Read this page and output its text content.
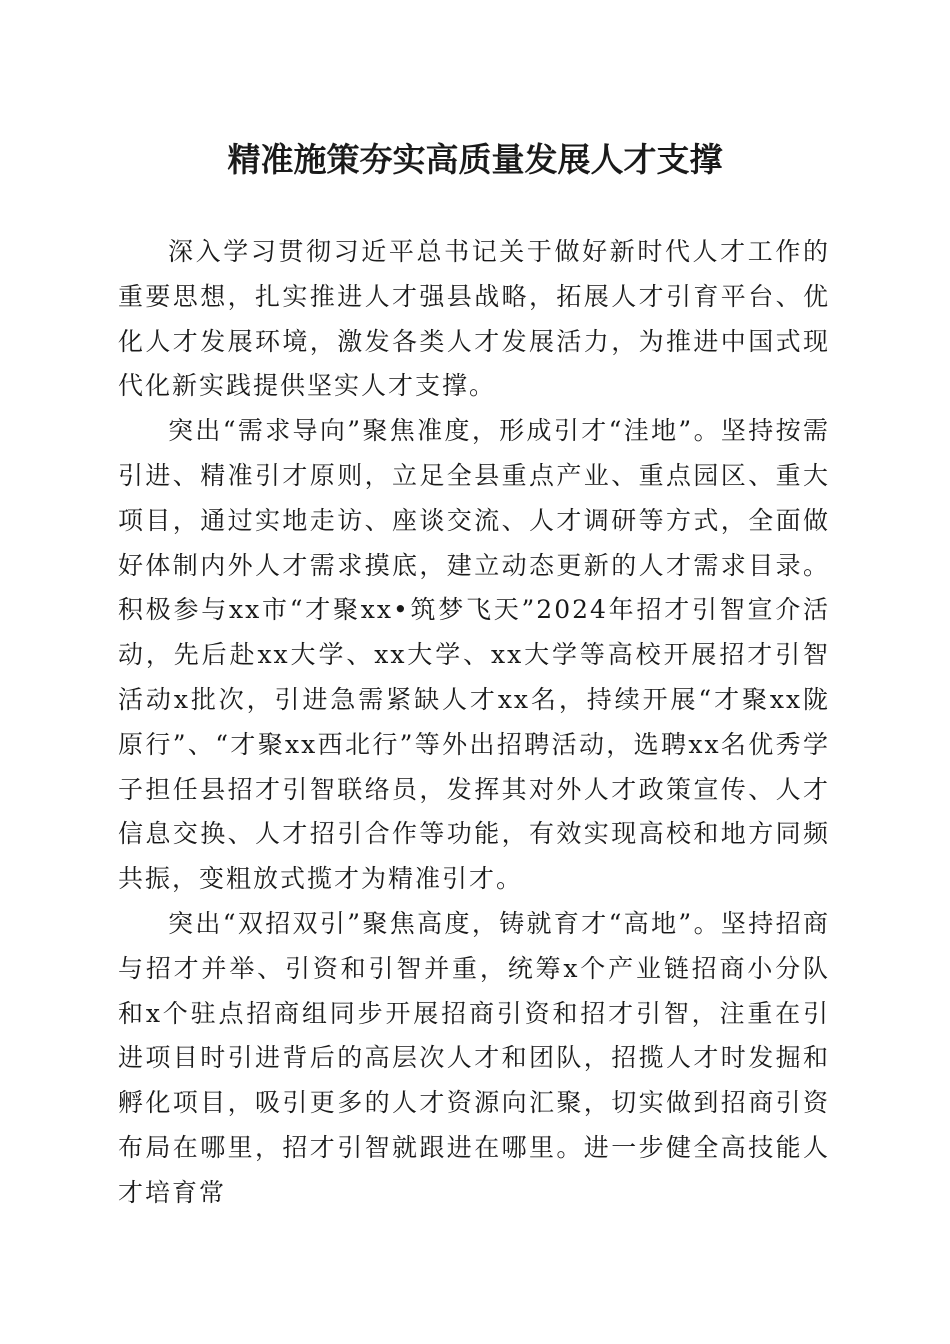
精准施策夯实高质量发展人才支撑

深入学习贯彻习近平总书记关于做好新时代人才工作的重要思想，扎实推进人才强县战略，拓展人才引育平台、优化人才发展环境，激发各类人才发展活力，为推进中国式现代化新实践提供坚实人才支撑。

突出“需求导向”聚焦准度，形成引才“洼地”。坚持按需引进、精准引才原则，立足全县重点产业、重点园区、重大项目，通过实地走访、座谈交流、人才调研等方式，全面做好体制内外人才需求摸底，建立动态更新的人才需求目录。积极参与xx市“才聚xx•筑梦飞天”2024年招才引智宣介活动，先后赴xx大学、xx大学、xx大学等高校开展招才引智活动x批次，引进急需紧缺人才xx名，持续开展“才聚xx陇原行”、“才聚xx西北行”等外出招聘活动，选聘xx名优秀学子担任县招才引智联络员，发挥其对外人才政策宣传、人才信息交换、人才招引合作等功能，有效实现高校和地方同频共振，变粗放式揽才为精准引才。

突出“双招双引”聚焦高度，铸就育才“高地”。坚持招商与招才并举、引资和引智并重，统筹x个产业链招商小分队和x个驻点招商组同步开展招商引资和招才引智，注重在引进项目时引进背后的高层次人才和团队，招揽人才时发掘和孵化项目，吸引更多的人才资源向汇聚，切实做到招商引资布局在哪里，招才引智就跟进在哪里。进一步健全高技能人才培育常
